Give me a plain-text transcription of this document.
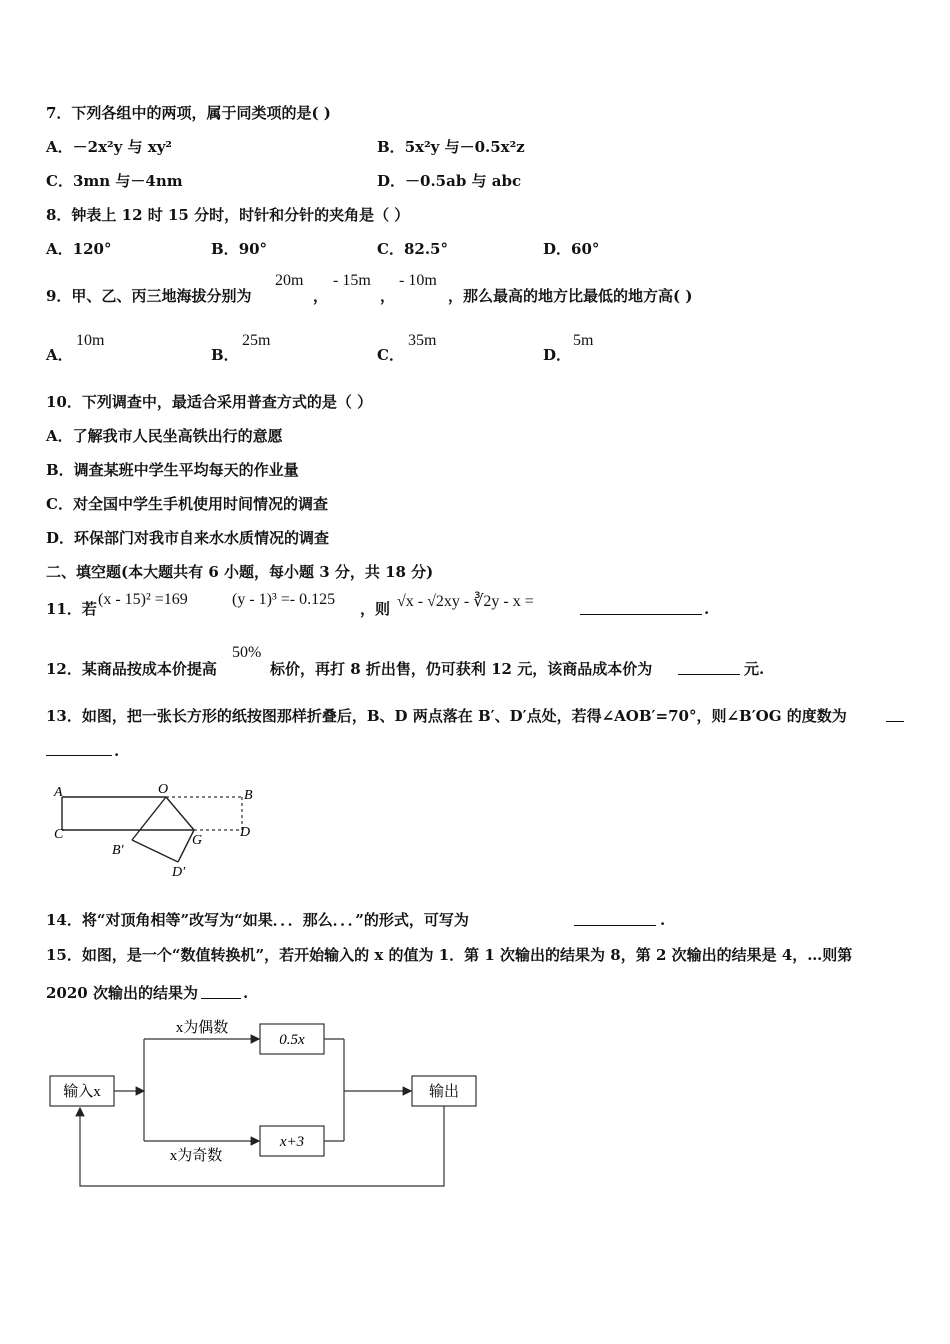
7．下列各组中的两项，属于同类项的是( )
A．－2x²y 与 xy²	B．5x²y 与－0.5x²z
C．3mn 与－4nm	D．－0.5ab 与 abc
8．钟表上 12 时 15 分时，时针和分针的夹角是（ ）
A．120°	B．90°	C．82.5°	D．60°
9．甲、乙、丙三地海拔分别为
20m
，
- 15m
，
- 10m
，那么最高的地方比最低的地方高( )
A．
10m
B．
25m
C．
35m
D．
5m
10．下列调查中，最适合采用普查方式的是（ ）
A．了解我市人民坐高铁出行的意愿
B．调查某班中学生平均每天的作业量
C．对全国中学生手机使用时间情况的调查
D．环保部门对我市自来水水质情况的调查
二、填空题(本大题共有 6 小题，每小题 3 分，共 18 分)
11．若
(x - 15)² =169	(y - 1)³ =- 0.125
，则 √x - √2xy - ∛2y - x =	.
12．某商品按成本价提高
50%
标价，再打 8 折出售，仍可获利 12 元，该商品成本价为	元.
13．如图，把一张长方形的纸按图那样折叠后，B、D 两点落在 B′、D′点处，若得∠AOB′=70°，则∠B′OG 的度数为
.
A	O	B
C	G
D
B′
D′
14．将“对顶角相等”改写为“如果．．．那么．．．”的形式，可写为	.
15．如图，是一个“数值转换机”，若开始输入的 x 的值为 1．第 1 次输出的结果为 8，第 2 次输出的结果是 4，…则第
2020 次输出的结果为	.
输入x
0.5x
x+3
输出
x为偶数
x为奇数
